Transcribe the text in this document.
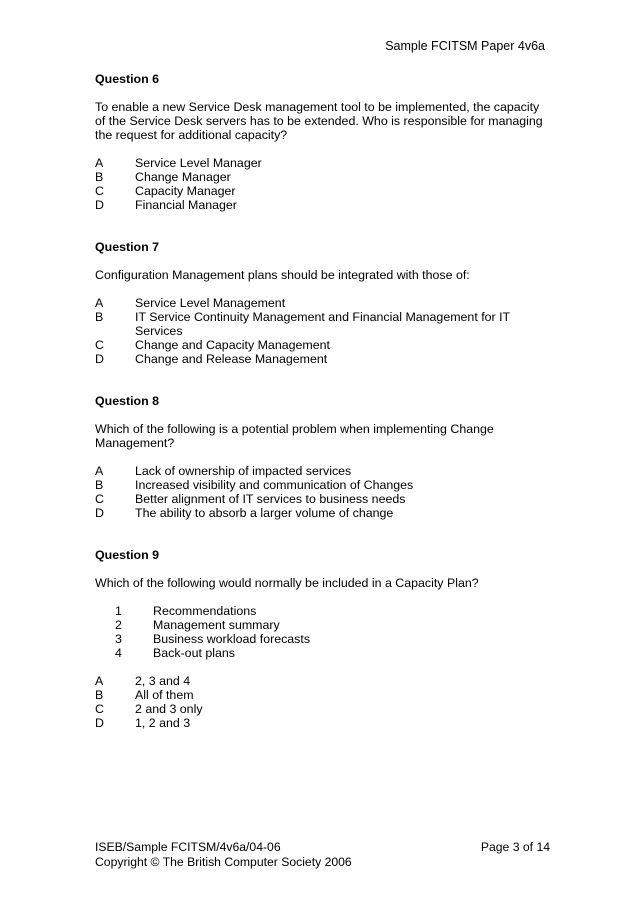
Sample FCITSM Paper 4v6a
Question 6
To enable a new Service Desk management tool to be implemented, the capacity of the Service Desk servers has to be extended. Who is responsible for managing the request for additional capacity?
A	Service Level Manager
B	Change Manager
C	Capacity Manager
D	Financial Manager
Question 7
Configuration Management plans should be integrated with those of:
A	Service Level Management
B	IT Service Continuity Management and Financial Management for IT Services
C	Change and Capacity Management
D	Change and Release Management
Question 8
Which of the following is a potential problem when implementing Change Management?
A	Lack of ownership of impacted services
B	Increased visibility and communication of Changes
C	Better alignment of IT services to business needs
D	The ability to absorb a larger volume of change
Question 9
Which of the following would normally be included in a Capacity Plan?
1	Recommendations
2	Management summary
3	Business workload forecasts
4	Back-out plans
A	2, 3 and 4
B	All of them
C	2 and 3 only
D	1, 2 and 3
ISEB/Sample FCITSM/4v6a/04-06	Page 3 of 14
Copyright © The British Computer Society 2006
